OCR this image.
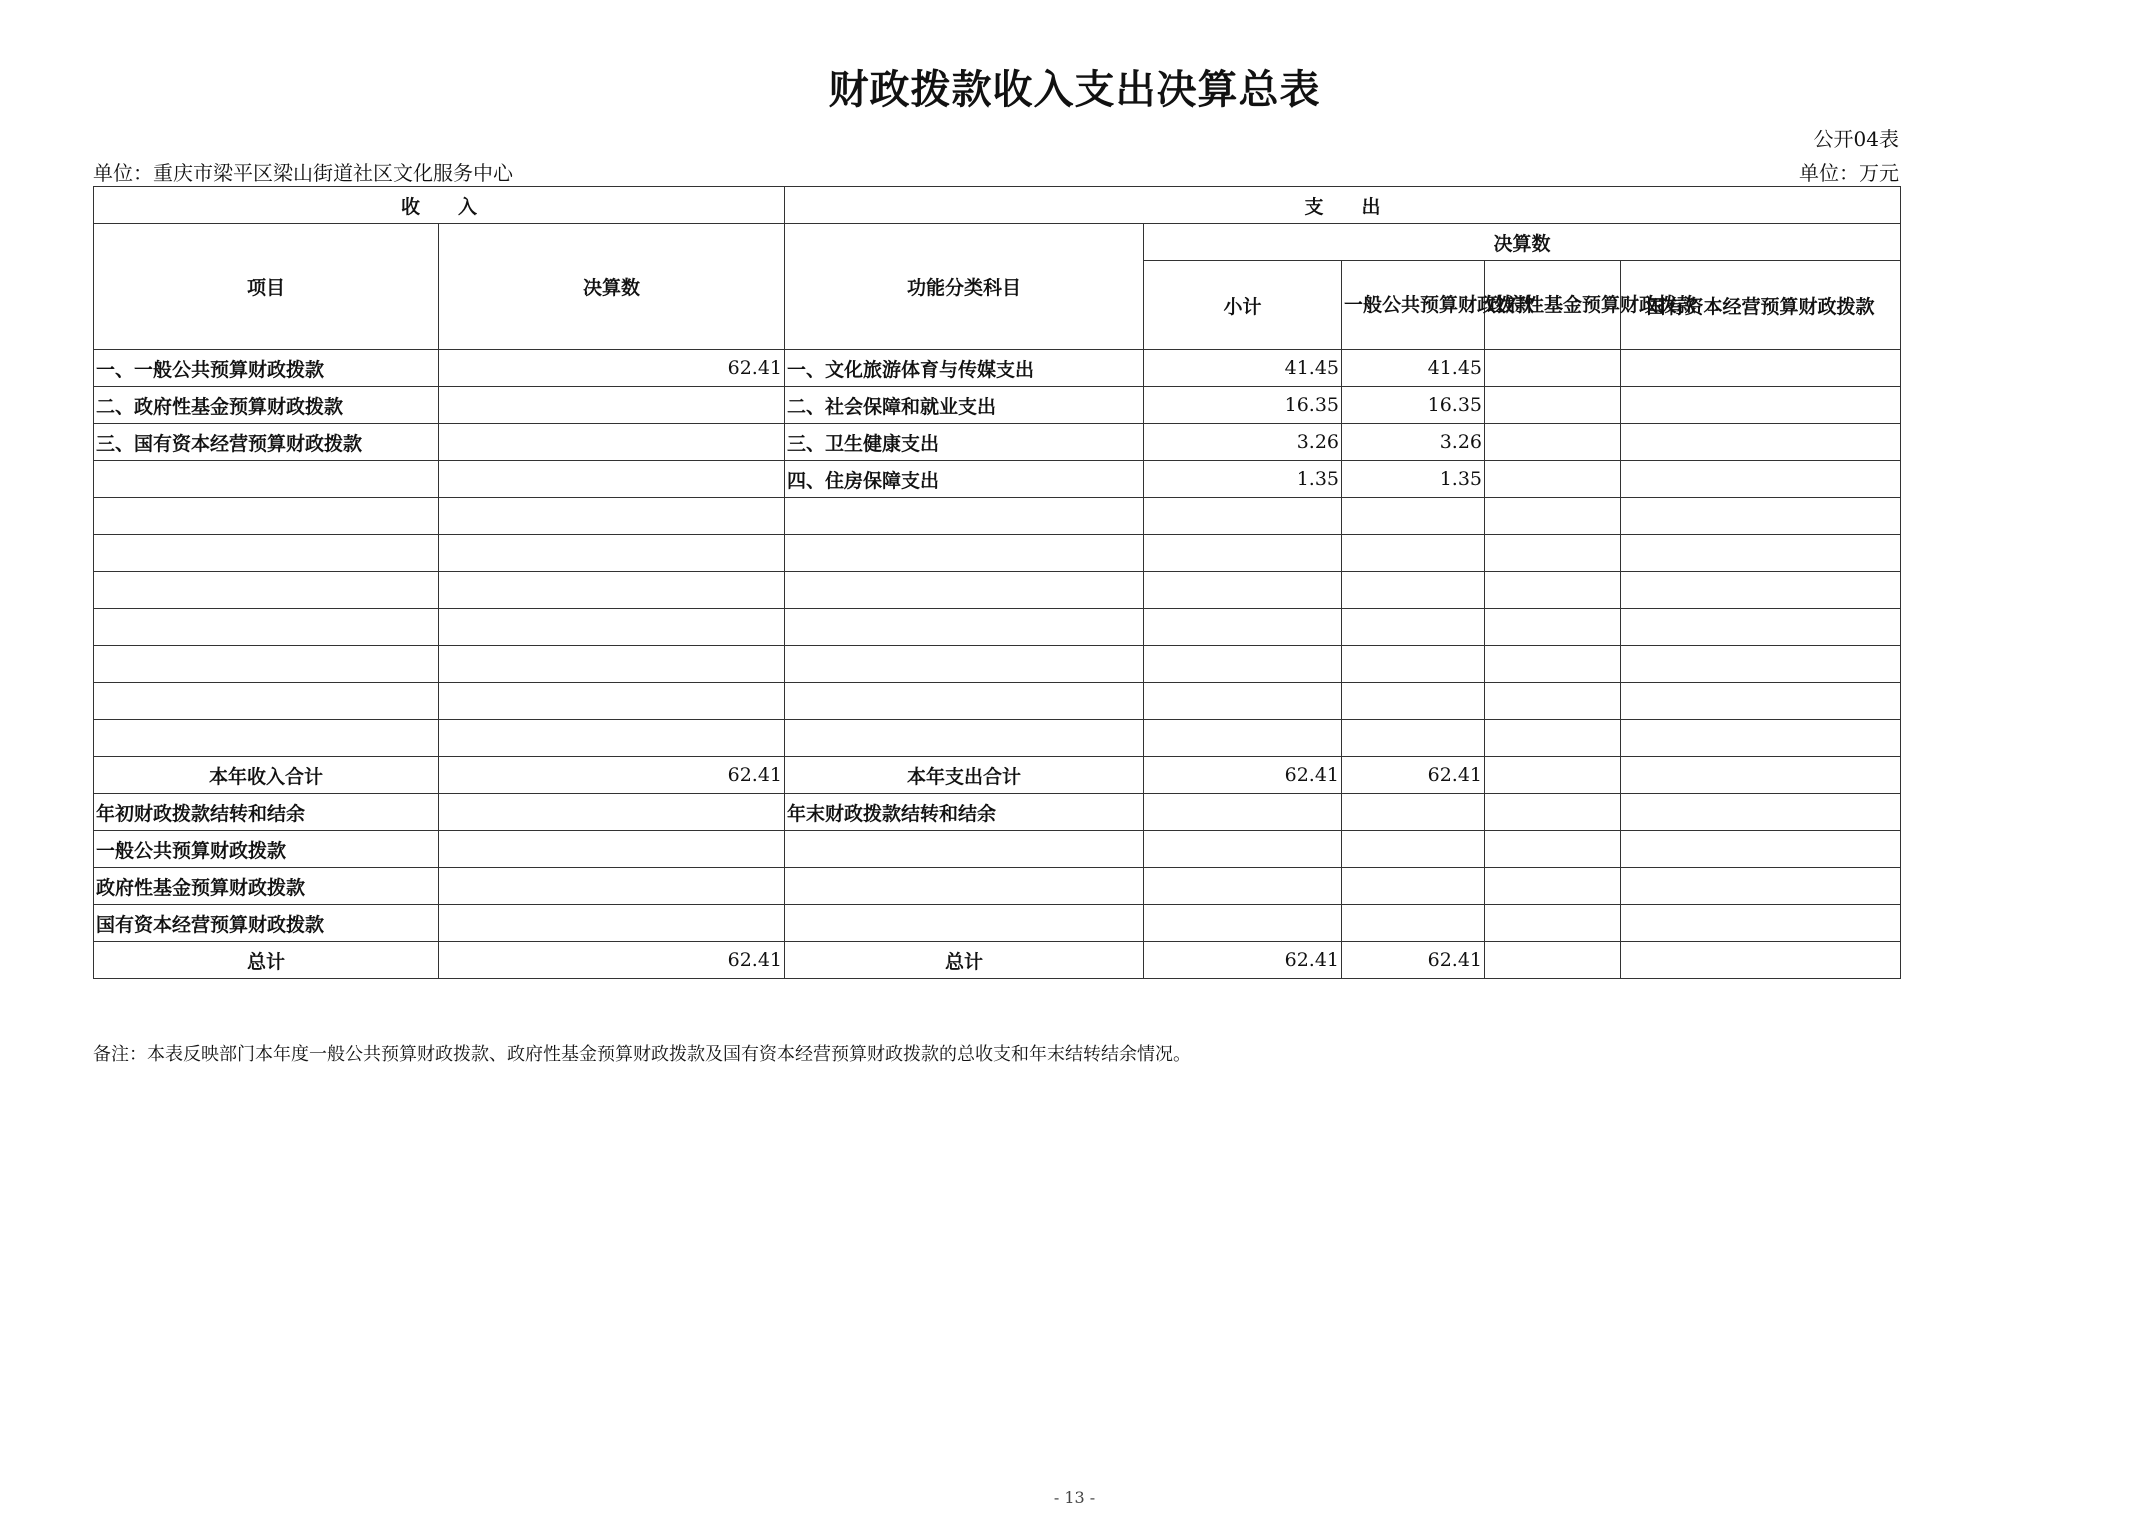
财政拨款收入支出决算总表
公开04表
单位：重庆市梁平区梁山街道社区文化服务中心	单位：万元
收　　入		支　　出				
项目	决算数	功能分类科目	决算数			
			小计	一般公共预算财政拨款	政府性基金预算财政拨款	国有资本经营预算财政拨款
一、一般公共预算财政拨款	62.41	一、文化旅游体育与传媒支出	41.45	41.45		
二、政府性基金预算财政拨款		二、社会保障和就业支出	16.35	16.35		
三、国有资本经营预算财政拨款		三、卫生健康支出	3.26	3.26		
		四、住房保障支出	1.35	1.35		

本年收入合计	62.41	本年支出合计	62.41	62.41		
年初财政拨款结转和结余		年末财政拨款结转和结余				
一般公共预算财政拨款						
政府性基金预算财政拨款						
国有资本经营预算财政拨款						
总计	62.41	总计	62.41	62.41		
备注：本表反映部门本年度一般公共预算财政拨款、政府性基金预算财政拨款及国有资本经营预算财政拨款的总收支和年末结转结余情况。
- 13 -
